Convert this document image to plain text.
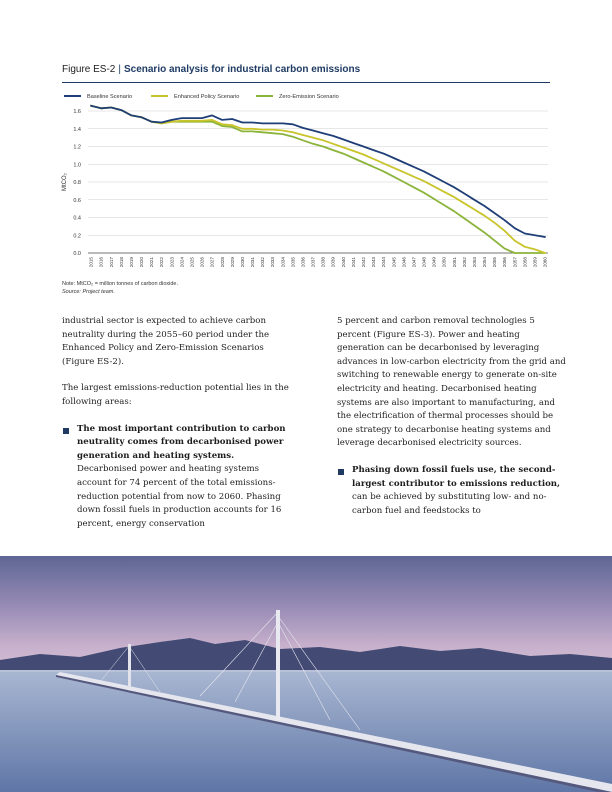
Figure ES-2 | Scenario analysis for industrial carbon emissions
0.0
0.2
0.4
0.6
0.8
1.0
1.2
1.4
1.6
MtCO₂
2015 2016 2017 2018 2019 2020 2021 2022 2023 2024 2025 2026 2027 2028 2029 2030 2031 2032 2033 2034 2035 2036 2037 2038 2039 2040 2041 2042 2043 2044 2045 2046 2047 2048 2049 2050 2051 2052 2053 2054 2055 2056 2057 2058 2059 2060
Baseline Scenario	Enhanced Policy Scenario	Zero-Emission Scenario
Note: MtCO₂ = million tonnes of carbon dioxide.
Source: Project team.

industrial sector is expected to achieve carbon neutrality during the 2055–60 period under the Enhanced Policy and Zero-Emission Scenarios (Figure ES-2).

The largest emissions-reduction potential lies in the following areas:

The most important contribution to carbon neutrality comes from decarbonised power generation and heating systems. Decarbonised power and heating systems account for 74 percent of the total emissions-reduction potential from now to 2060. Phasing down fossil fuels in production accounts for 16 percent, energy conservation

5 percent and carbon removal technologies 5 percent (Figure ES-3). Power and heating generation can be decarbonised by leveraging advances in low-carbon electricity from the grid and switching to renewable energy to generate on-site electricity and heating. Decarbonised heating systems are also important to manufacturing, and the electrification of thermal processes should be one strategy to decarbonise heating systems and leverage decarbonised electricity sources.

Phasing down fossil fuels use, the second-largest contributor to emissions reduction, can be achieved by substituting low- and no-carbon fuel and feedstocks to
